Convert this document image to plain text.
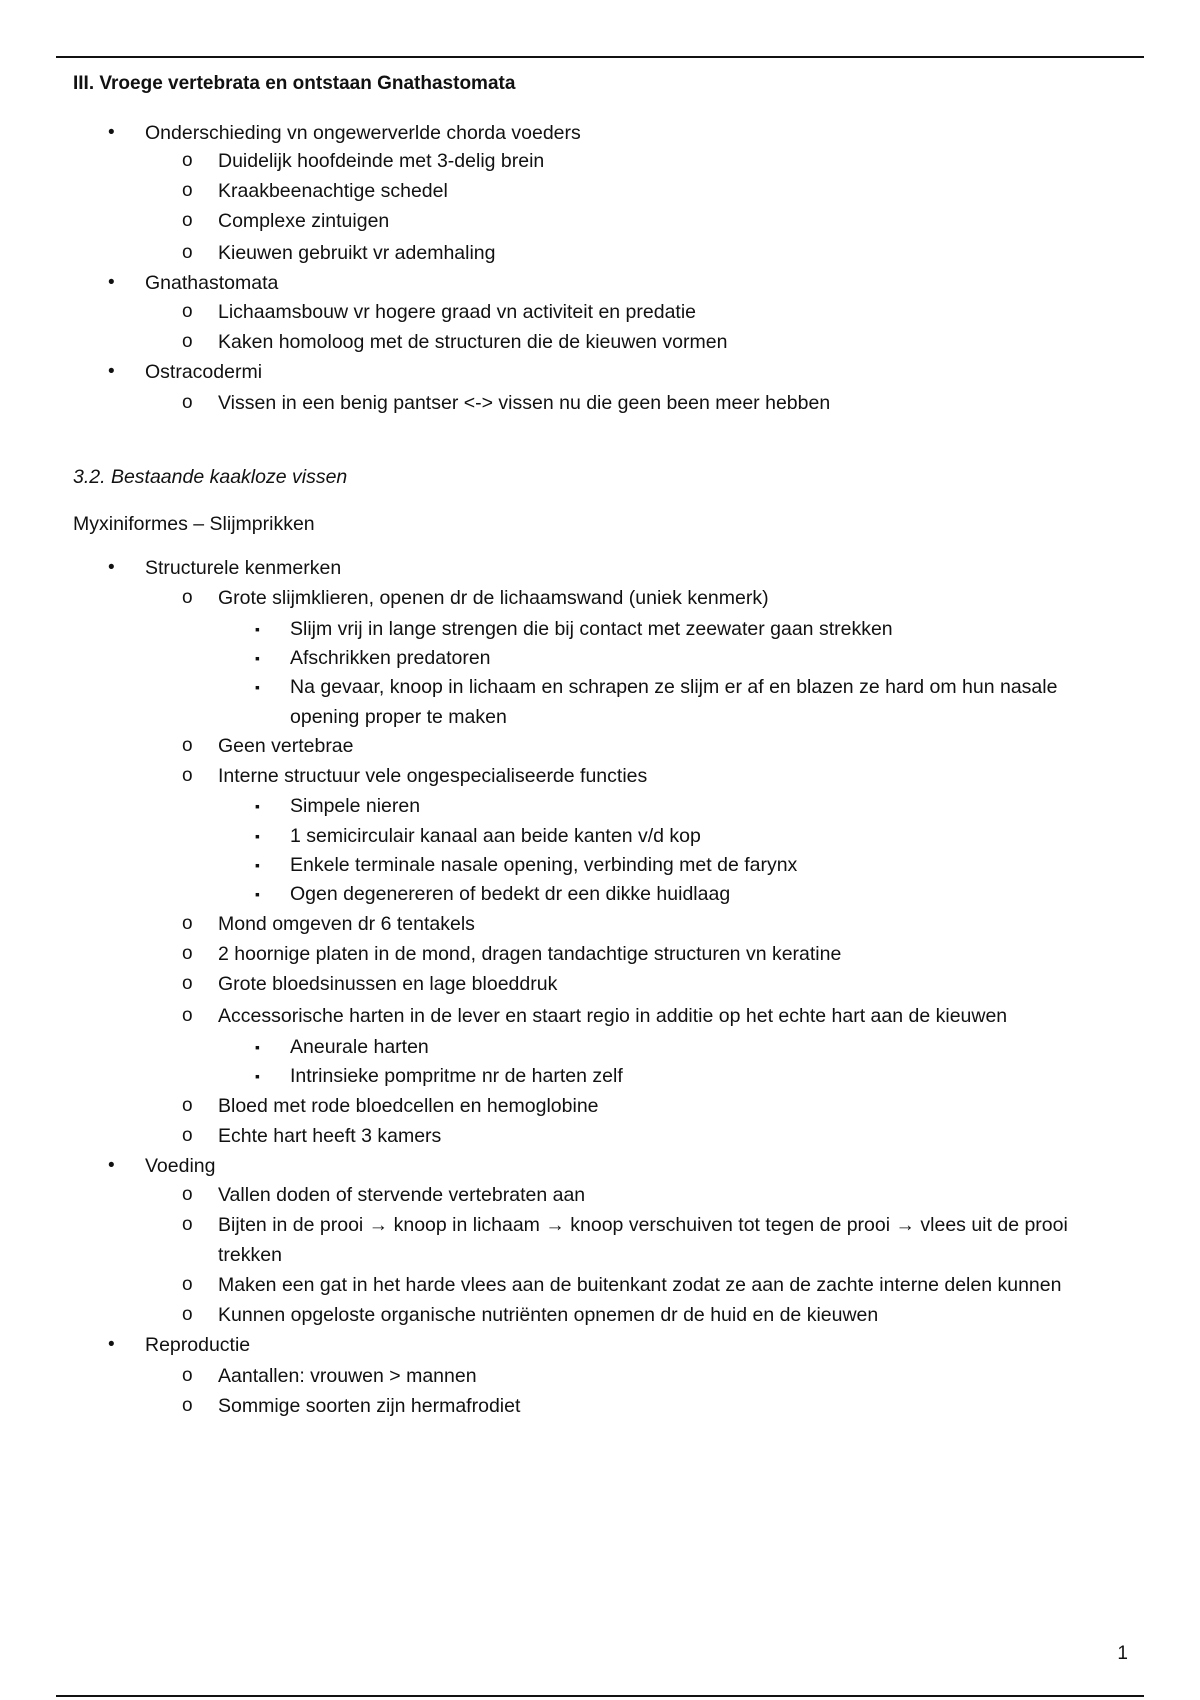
III. Vroege vertebrata en ontstaan Gnathastomata
• Onderschieding vn ongewerverlde chorda voeders
o Duidelijk hoofdeinde met 3-delig brein
o Kraakbeenachtige schedel
o Complexe zintuigen
o Kieuwen gebruikt vr ademhaling
• Gnathastomata
o Lichaamsbouw vr hogere graad vn activiteit en predatie
o Kaken homoloog met de structuren die de kieuwen vormen
• Ostracodermi
o Vissen in een benig pantser <-> vissen nu die geen been meer hebben
3.2. Bestaande kaakloze vissen
Myxiniformes – Slijmprikken
• Structurele kenmerken
o Grote slijmklieren, openen dr de lichaamswand (uniek kenmerk)
▪ Slijm vrij in lange strengen die bij contact met zeewater gaan strekken
▪ Afschrikken predatoren
▪ Na gevaar, knoop in lichaam en schrapen ze slijm er af en blazen ze hard om hun nasale
opening proper te maken
o Geen vertebrae
o Interne structuur vele ongespecialiseerde functies
▪ Simpele nieren
▪ 1 semicirculair kanaal aan beide kanten v/d kop
▪ Enkele terminale nasale opening, verbinding met de farynx
▪ Ogen degenereren of bedekt dr een dikke huidlaag
o Mond omgeven dr 6 tentakels
o 2 hoornige platen in de mond, dragen tandachtige structuren vn keratine
o Grote bloedsinussen en lage bloeddruk
o Accessorische harten in de lever en staart regio in additie op het echte hart aan de kieuwen
▪ Aneurale harten
▪ Intrinsieke pompritme nr de harten zelf
o Bloed met rode bloedcellen en hemoglobine
o Echte hart heeft 3 kamers
• Voeding
o Vallen doden of stervende vertebraten aan
o Bijten in de prooi → knoop in lichaam → knoop verschuiven tot tegen de prooi → vlees uit de prooi
trekken
o Maken een gat in het harde vlees aan de buitenkant zodat ze aan de zachte interne delen kunnen
o Kunnen opgeloste organische nutriënten opnemen dr de huid en de kieuwen
• Reproductie
o Aantallen: vrouwen > mannen
o Sommige soorten zijn hermafrodiet
1
